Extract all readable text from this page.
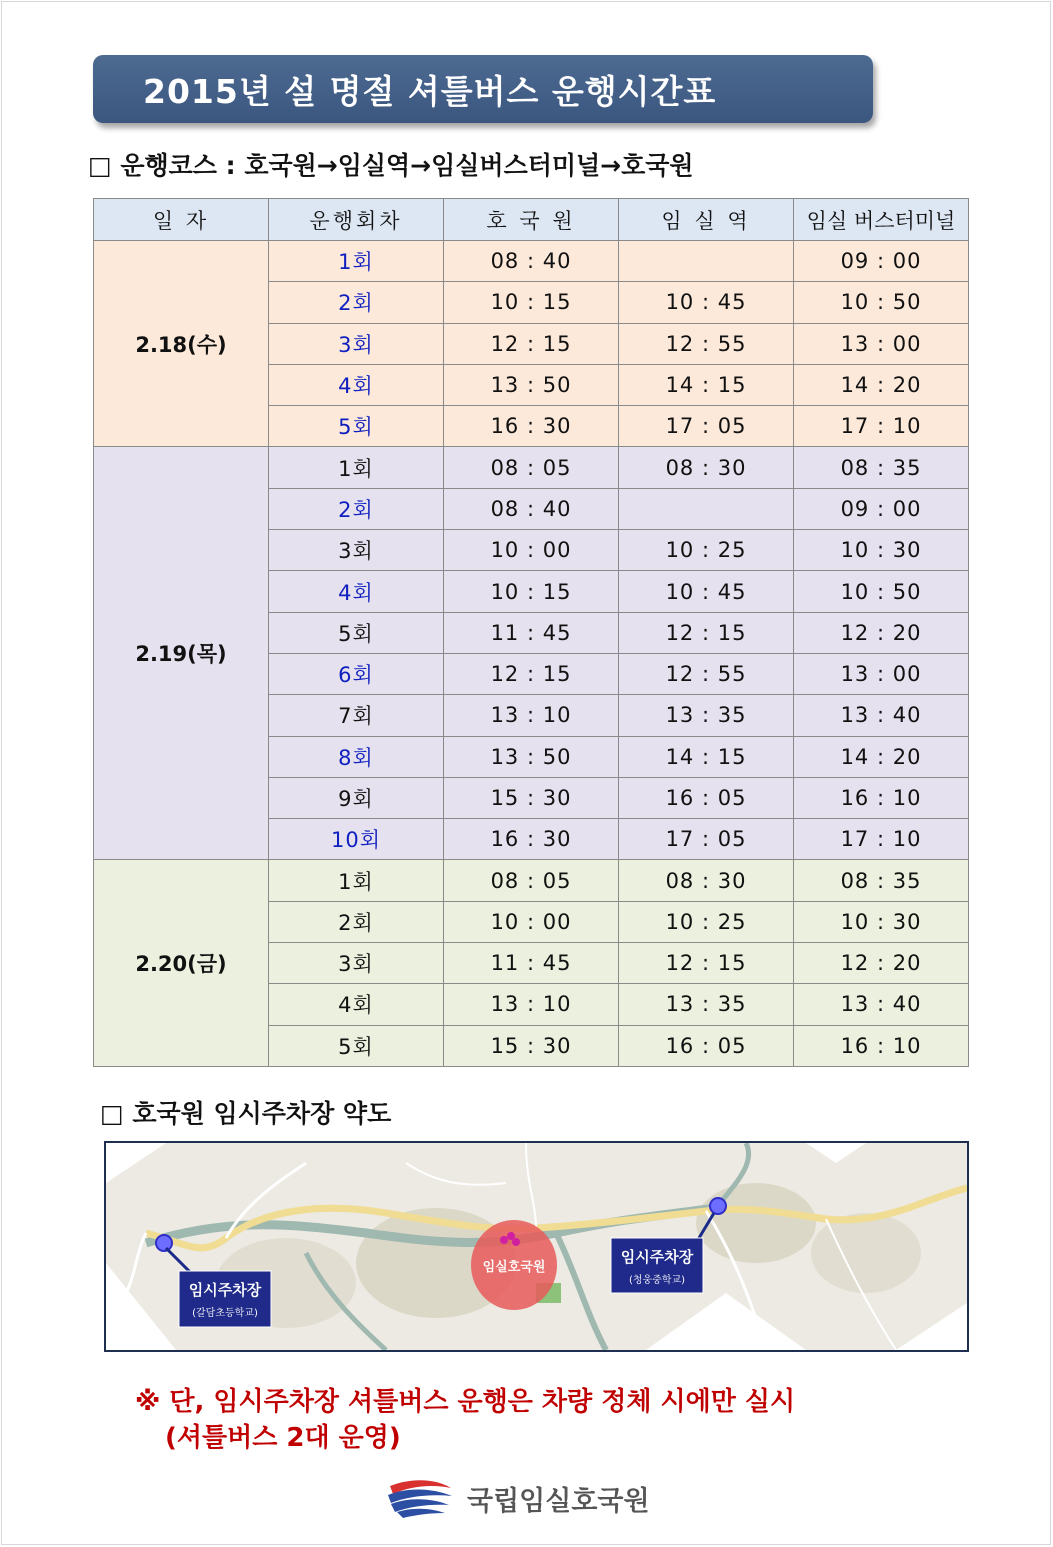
2015년 설 명절 셔틀버스 운행시간표
□ 운행코스 : 호국원→임실역→임실버스터미널→호국원
일 자	운행회차	호 국 원	임 실 역	임실 버스터미널
2.18(수)	1회	08 : 40		09 : 00
	2회	10 : 15	10 : 45	10 : 50
	3회	12 : 15	12 : 55	13 : 00
	4회	13 : 50	14 : 15	14 : 20
	5회	16 : 30	17 : 05	17 : 10
2.19(목)	1회	08 : 05	08 : 30	08 : 35
	2회	08 : 40		09 : 00
	3회	10 : 00	10 : 25	10 : 30
	4회	10 : 15	10 : 45	10 : 50
	5회	11 : 45	12 : 15	12 : 20
	6회	12 : 15	12 : 55	13 : 00
	7회	13 : 10	13 : 35	13 : 40
	8회	13 : 50	14 : 15	14 : 20
	9회	15 : 30	16 : 05	16 : 10
	10회	16 : 30	17 : 05	17 : 10
2.20(금)	1회	08 : 05	08 : 30	08 : 35
	2회	10 : 00	10 : 25	10 : 30
	3회	11 : 45	12 : 15	12 : 20
	4회	13 : 10	13 : 35	13 : 40
	5회	15 : 30	16 : 05	16 : 10
□ 호국원 임시주차장 약도
임실호국원
임시주차장
(갈담초등학교)
임시주차장
(청웅중학교)
※ 단, 임시주차장 셔틀버스 운행은 차량 정체 시에만 실시
(셔틀버스 2대 운영)
국립임실호국원
